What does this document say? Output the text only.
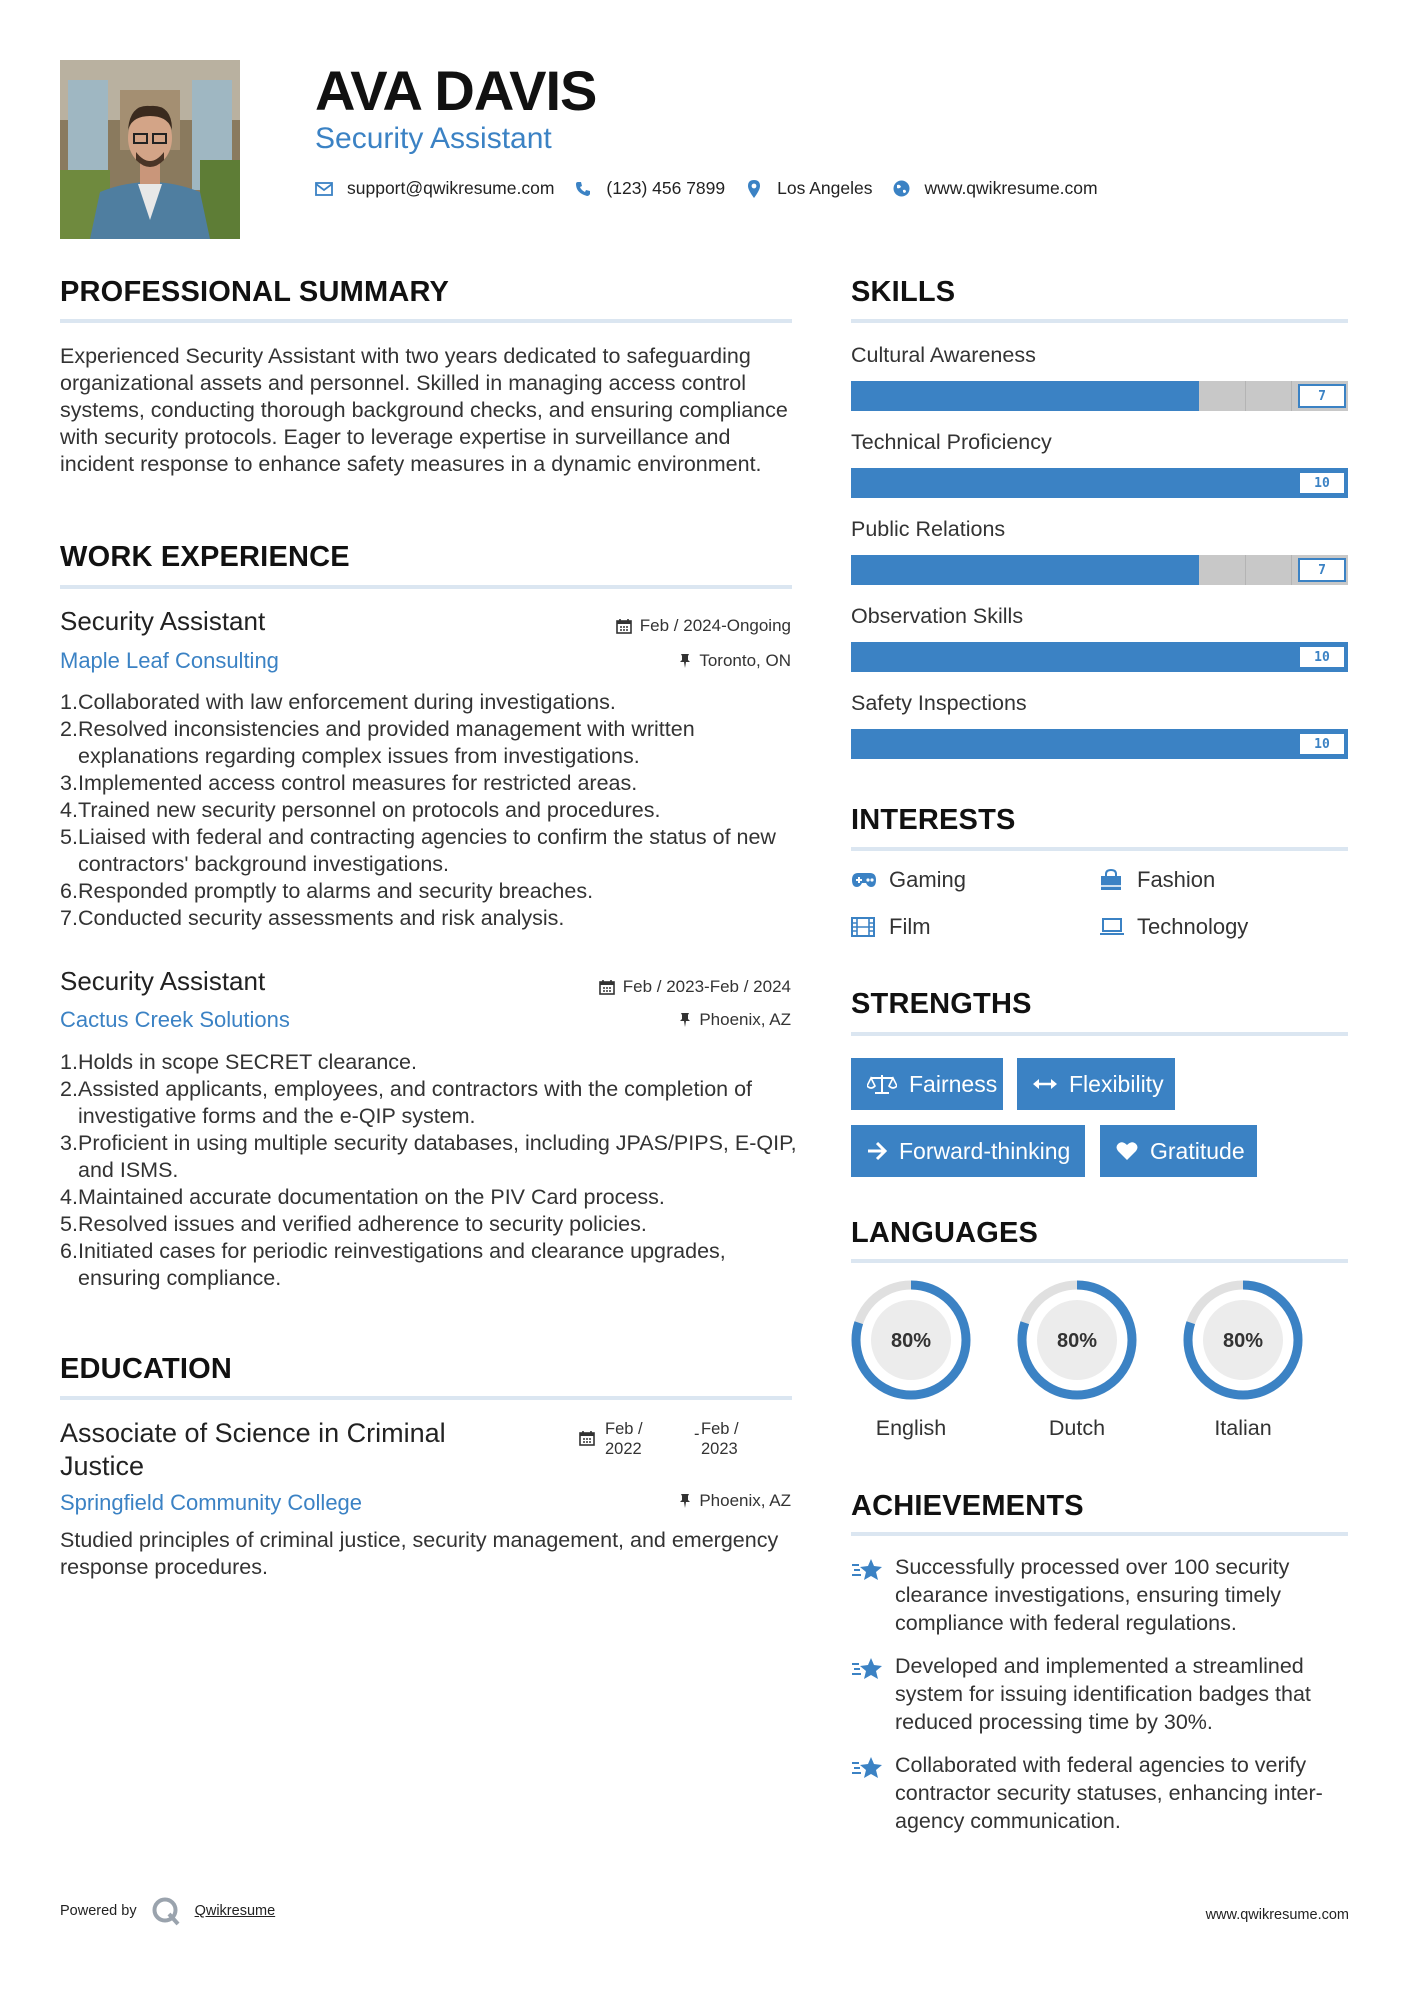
AVA DAVIS
Security Assistant
support@qwikresume.com	(123) 456 7899	Los Angeles	www.qwikresume.com
PROFESSIONAL SUMMARY
Experienced Security Assistant with two years dedicated to safeguarding organizational assets and personnel. Skilled in managing access control systems, conducting thorough background checks, and ensuring compliance with security protocols. Eager to leverage expertise in surveillance and incident response to enhance safety measures in a dynamic environment.
WORK EXPERIENCE
Security Assistant	Feb / 2024-Ongoing
Maple Leaf Consulting	Toronto, ON
1. Collaborated with law enforcement during investigations.
2. Resolved inconsistencies and provided management with written explanations regarding complex issues from investigations.
3. Implemented access control measures for restricted areas.
4. Trained new security personnel on protocols and procedures.
5. Liaised with federal and contracting agencies to confirm the status of new contractors' background investigations.
6. Responded promptly to alarms and security breaches.
7. Conducted security assessments and risk analysis.
Security Assistant	Feb / 2023-Feb / 2024
Cactus Creek Solutions	Phoenix, AZ
1. Holds in scope SECRET clearance.
2. Assisted applicants, employees, and contractors with the completion of investigative forms and the e-QIP system.
3. Proficient in using multiple security databases, including JPAS/PIPS, E-QIP, and ISMS.
4. Maintained accurate documentation on the PIV Card process.
5. Resolved issues and verified adherence to security policies.
6. Initiated cases for periodic reinvestigations and clearance upgrades, ensuring compliance.
EDUCATION
Associate of Science in Criminal Justice
Feb / 2022
- Feb / 2023
Springfield Community College	Phoenix, AZ
Studied principles of criminal justice, security management, and emergency response procedures.
SKILLS
Cultural Awareness
7
Technical Proficiency
10
Public Relations
7
Observation Skills
10
Safety Inspections
10
INTERESTS
Gaming	Fashion
Film	Technology
STRENGTHS
Fairness	Flexibility
Forward-thinking	Gratitude
LANGUAGES
80%
English
80%
Dutch
80%
Italian
ACHIEVEMENTS
Successfully processed over 100 security clearance investigations, ensuring timely compliance with federal regulations.
Developed and implemented a streamlined system for issuing identification badges that reduced processing time by 30%.
Collaborated with federal agencies to verify contractor security statuses, enhancing inter-agency communication.
Powered by	Qwikresume	www.qwikresume.com
